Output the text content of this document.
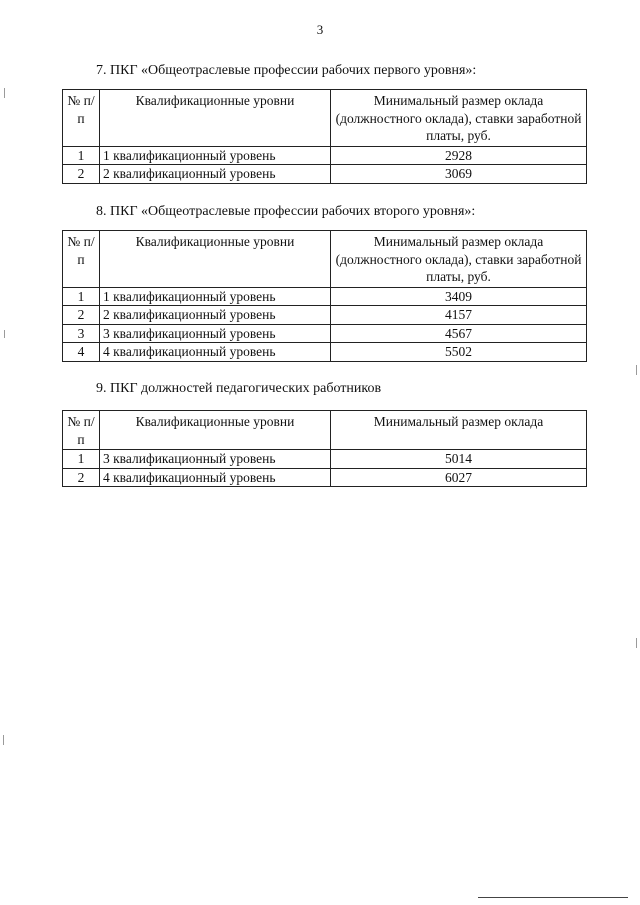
3
7. ПКГ «Общеотраслевые профессии рабочих первого уровня»:
№ п/п	Квалификационные уровни	Минимальный размер оклада (должностного оклада), ставки заработной платы, руб.
1	1 квалификационный уровень	2928
2	2 квалификационный уровень	3069
8. ПКГ «Общеотраслевые профессии рабочих второго уровня»:
№ п/п	Квалификационные уровни	Минимальный размер оклада (должностного оклада), ставки заработной платы, руб.
1	1 квалификационный уровень	3409
2	2 квалификационный уровень	4157
3	3 квалификационный уровень	4567
4	4 квалификационный уровень	5502
9. ПКГ должностей педагогических работников
№ п/п	Квалификационные уровни	Минимальный размер оклада
1	3 квалификационный уровень	5014
2	4 квалификационный уровень	6027
